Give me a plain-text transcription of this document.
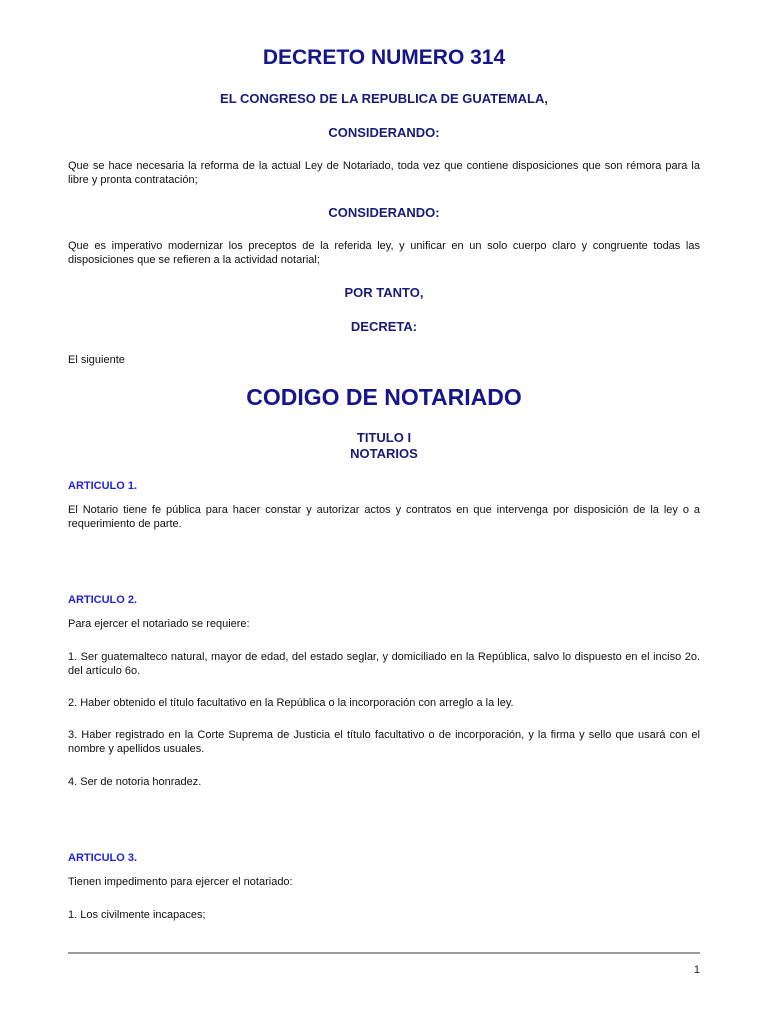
DECRETO NUMERO 314
EL CONGRESO DE LA REPUBLICA DE GUATEMALA,
CONSIDERANDO:

Que se hace necesaria la reforma de la actual Ley de Notariado, toda vez que contiene disposiciones que son rémora para la libre y pronta contratación;

CONSIDERANDO:

Que es imperativo modernizar los preceptos de la referida ley, y unificar en un solo cuerpo claro y congruente todas las disposiciones que se refieren a la actividad notarial;

POR TANTO,
DECRETA:

El siguiente

CODIGO DE NOTARIADO
TITULO I
NOTARIOS

ARTICULO 1.

El Notario tiene fe pública para hacer constar y autorizar actos y contratos en que intervenga por disposición de la ley o a requerimiento de parte.

ARTICULO 2.

Para ejercer el notariado se requiere:

1. Ser guatemalteco natural, mayor de edad, del estado seglar, y domiciliado en la República, salvo lo dispuesto en el inciso 2o. del artículo 6o.

2. Haber obtenido el título facultativo en la República o la incorporación con arreglo a la ley.

3. Haber registrado en la Corte Suprema de Justicia el título facultativo o de incorporación, y la firma y sello que usará con el nombre y apellidos usuales.

4. Ser de notoria honradez.

ARTICULO 3.

Tienen impedimento para ejercer el notariado:

1. Los civilmente incapaces;

1
